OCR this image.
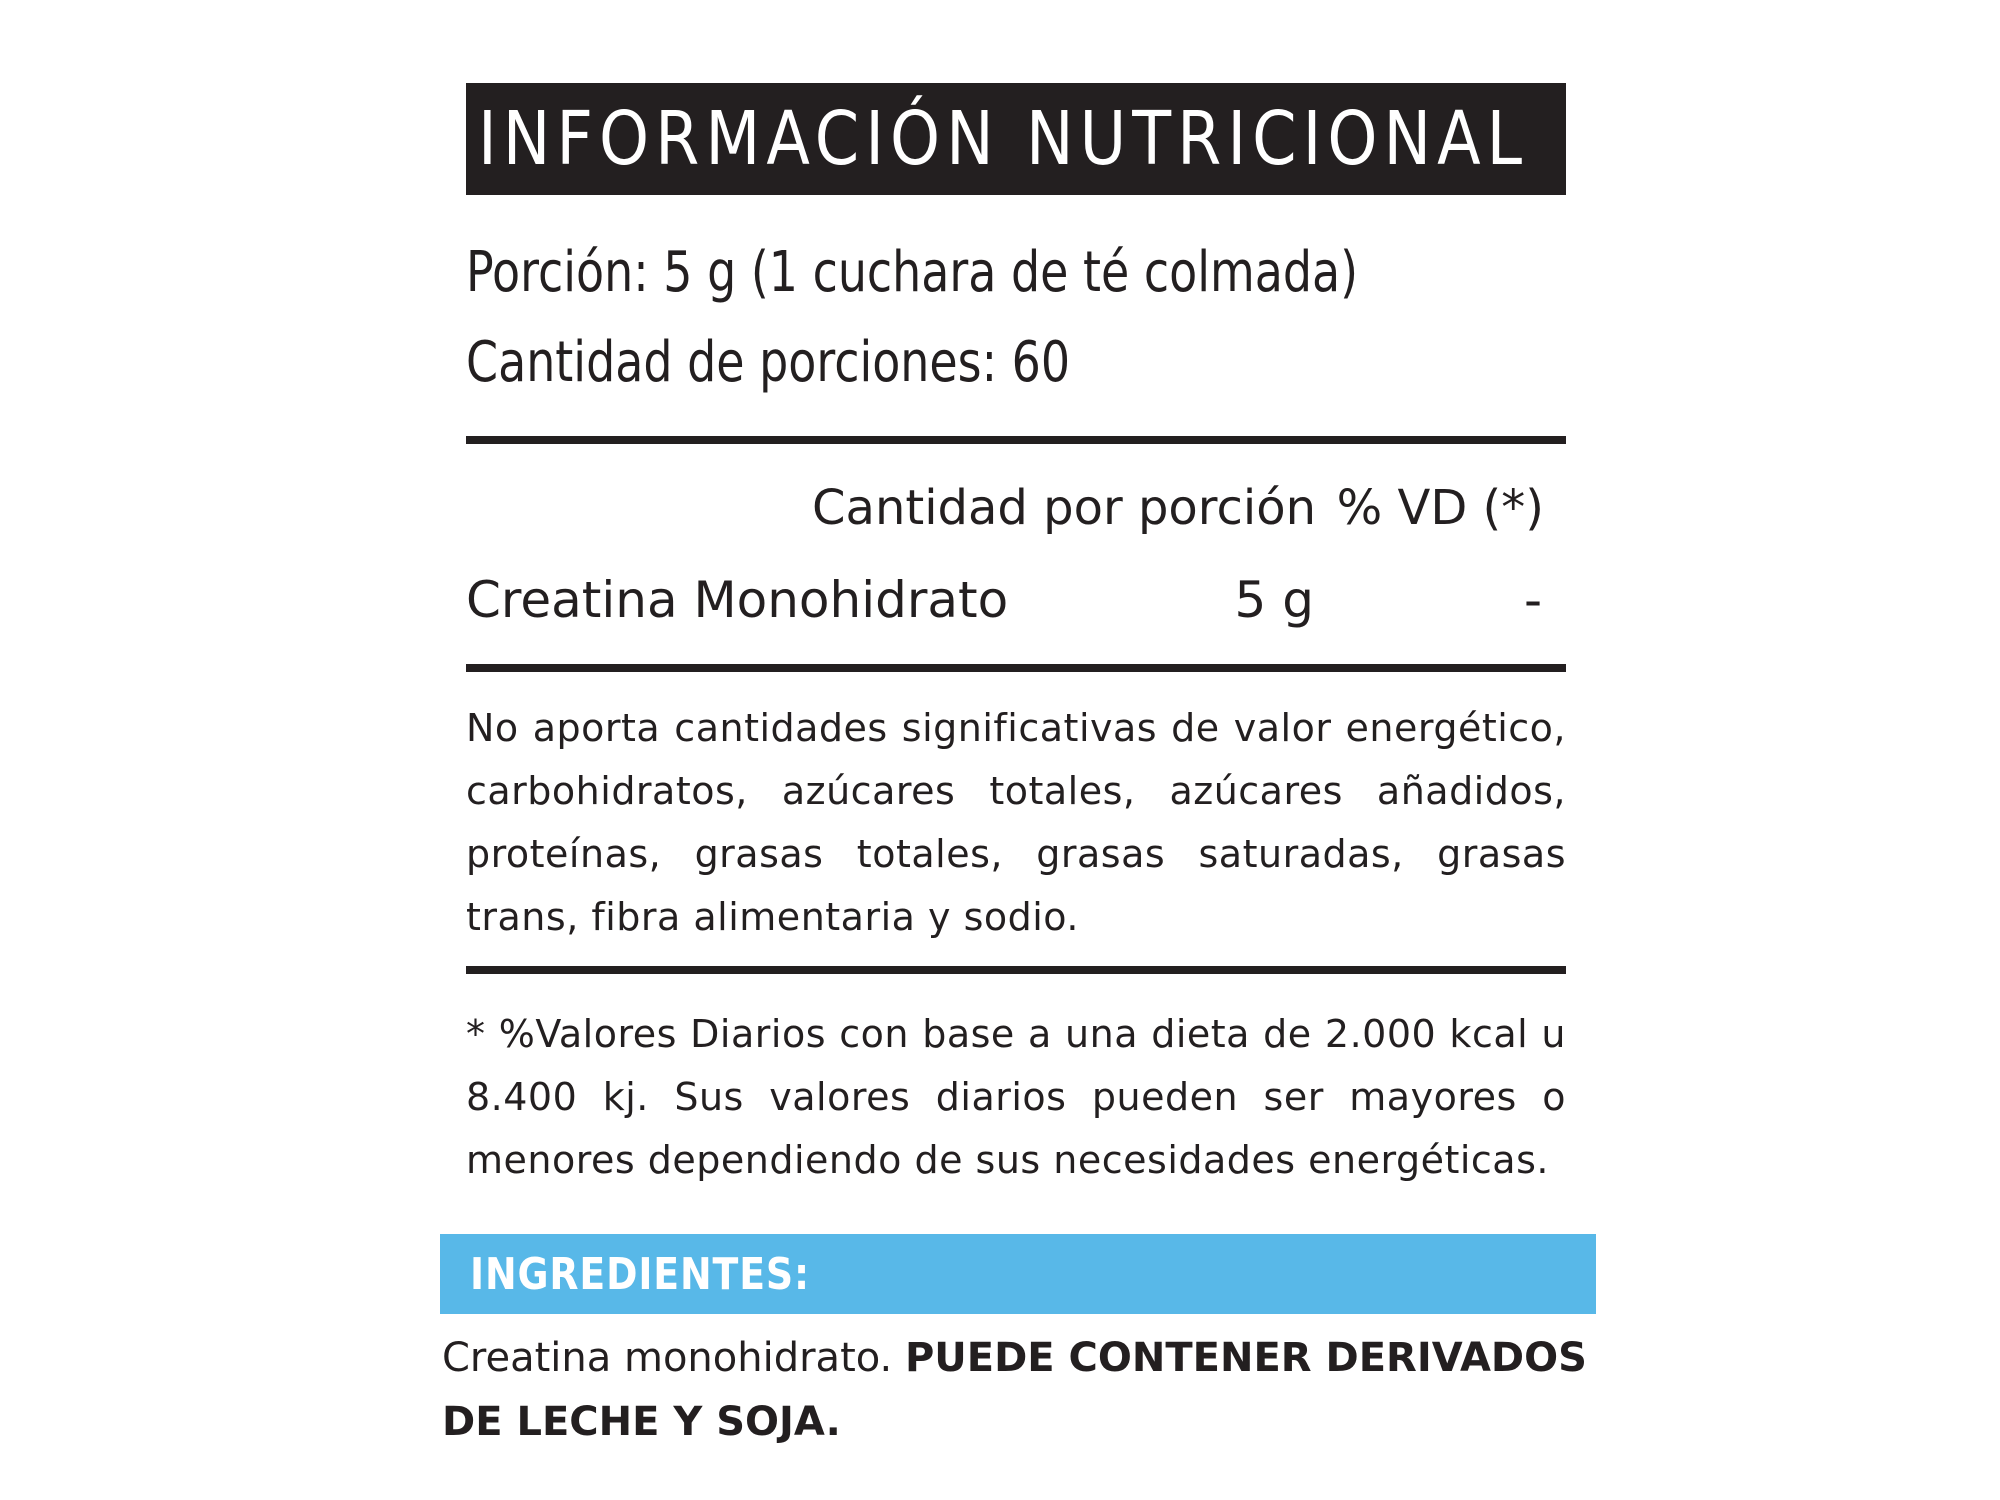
INFORMACIÓN NUTRICIONAL
Porción: 5 g (1 cuchara de té colmada)
Cantidad de porciones: 60
Cantidad por porción % VD (*)
Creatina Monohidrato	5 g	-
No aporta cantidades significativas de valor energético, carbohidratos, azúcares totales, azúcares añadidos, proteínas, grasas totales, grasas saturadas, grasas trans, fibra alimentaria y sodio.
* %Valores Diarios con base a una dieta de 2.000 kcal u 8.400 kj. Sus valores diarios pueden ser mayores o menores dependiendo de sus necesidades energéticas.
INGREDIENTES:
Creatina monohidrato. PUEDE CONTENER DERIVADOS DE LECHE Y SOJA.
